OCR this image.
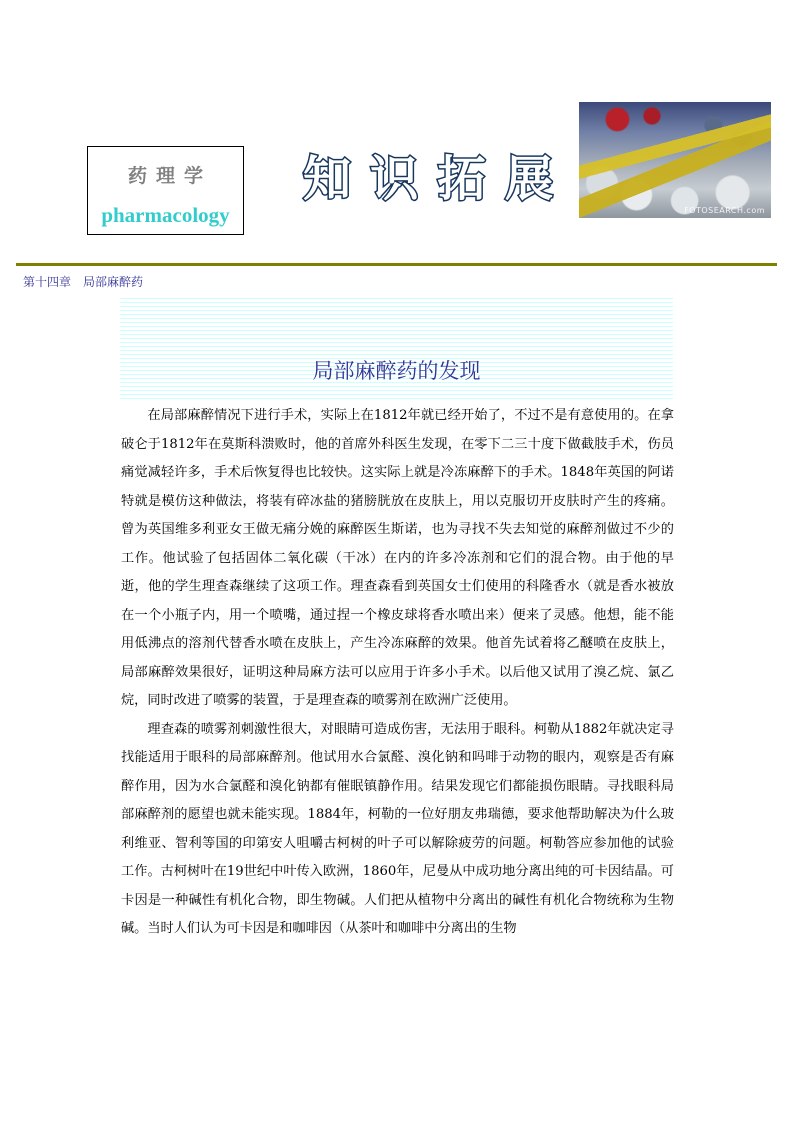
药理学
pharmacology
知 识 拓 展
FOTOSEARCH.com
第十四章　局部麻醉药
局部麻醉药的发现

在局部麻醉情况下进行手术，实际上在1812年就已经开始了，不过不是有意使用的。在拿破仑于1812年在莫斯科溃败时，他的首席外科医生发现，在零下二三十度下做截肢手术，伤员痛觉减轻许多，手术后恢复得也比较快。这实际上就是冷冻麻醉下的手术。1848年英国的阿诺特就是模仿这种做法，将装有碎冰盐的猪膀胱放在皮肤上，用以克服切开皮肤时产生的疼痛。曾为英国维多利亚女王做无痛分娩的麻醉医生斯诺，也为寻找不失去知觉的麻醉剂做过不少的工作。他试验了包括固体二氧化碳（干冰）在内的许多冷冻剂和它们的混合物。由于他的早逝，他的学生理查森继续了这项工作。理查森看到英国女士们使用的科隆香水（就是香水被放在一个小瓶子内，用一个喷嘴，通过捏一个橡皮球将香水喷出来）便来了灵感。他想，能不能用低沸点的溶剂代替香水喷在皮肤上，产生冷冻麻醉的效果。他首先试着将乙醚喷在皮肤上，局部麻醉效果很好，证明这种局麻方法可以应用于许多小手术。以后他又试用了溴乙烷、氯乙烷，同时改进了喷雾的装置，于是理查森的喷雾剂在欧洲广泛使用。

理查森的喷雾剂刺激性很大，对眼睛可造成伤害，无法用于眼科。柯勒从1882年就决定寻找能适用于眼科的局部麻醉剂。他试用水合氯醛、溴化钠和吗啡于动物的眼内，观察是否有麻醉作用，因为水合氯醛和溴化钠都有催眠镇静作用。结果发现它们都能损伤眼睛。寻找眼科局部麻醉剂的愿望也就未能实现。1884年，柯勒的一位好朋友弗瑞德，要求他帮助解决为什么玻利维亚、智利等国的印第安人咀嚼古柯树的叶子可以解除疲劳的问题。柯勒答应参加他的试验工作。古柯树叶在19世纪中叶传入欧洲，1860年，尼曼从中成功地分离出纯的可卡因结晶。可卡因是一种碱性有机化合物，即生物碱。人们把从植物中分离出的碱性有机化合物统称为生物碱。当时人们认为可卡因是和咖啡因（从茶叶和咖啡中分离出的生物
